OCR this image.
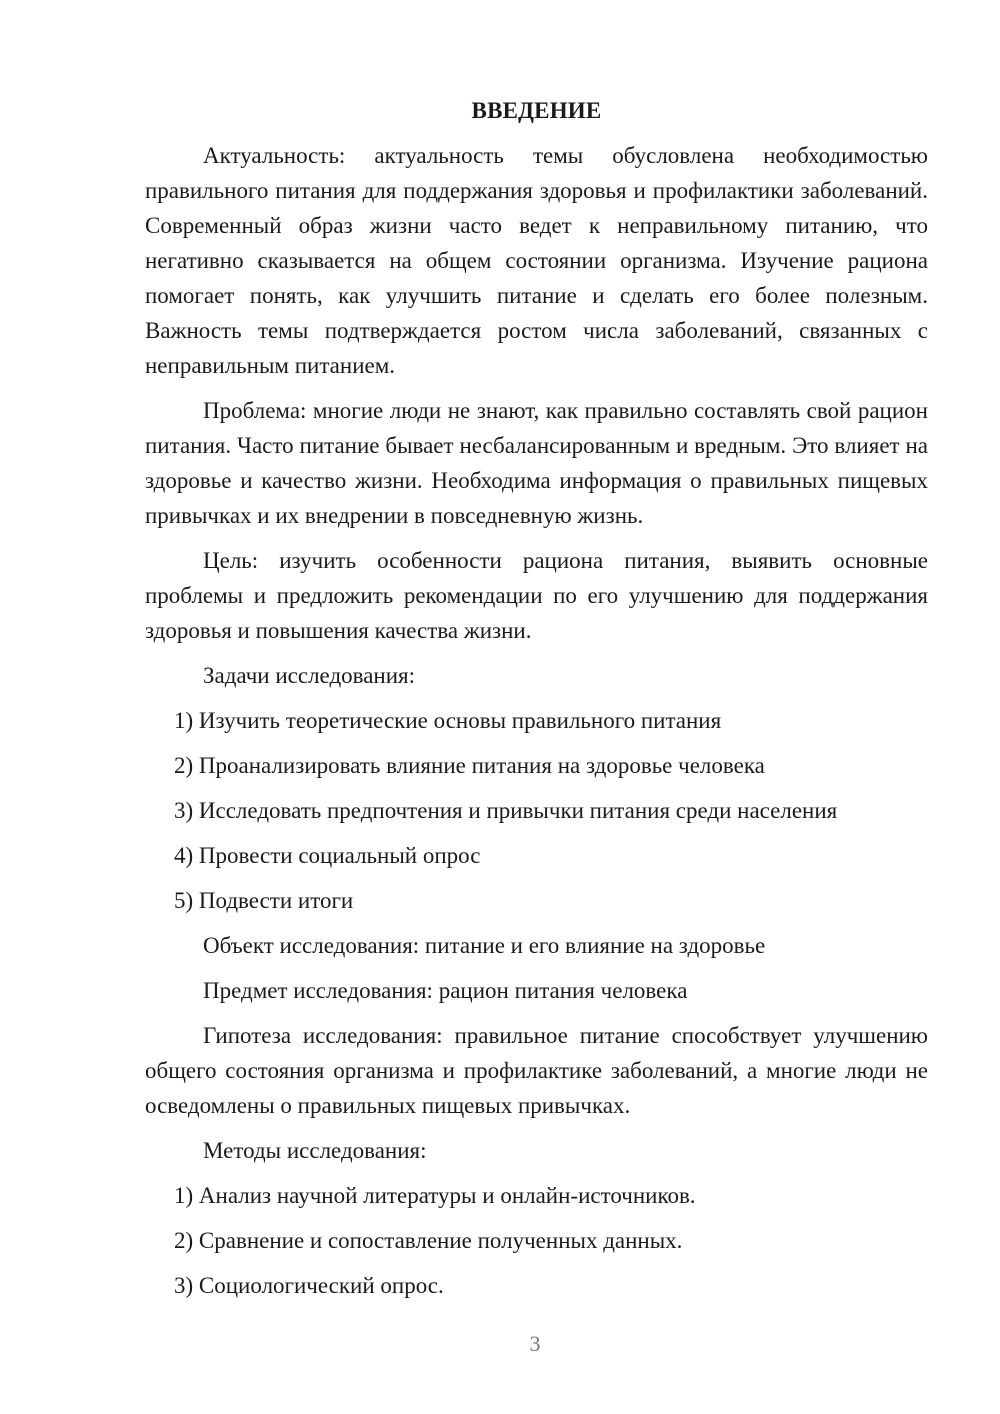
ВВЕДЕНИЕ
Актуальность: актуальность темы обусловлена необходимостью правильного питания для поддержания здоровья и профилактики заболеваний. Современный образ жизни часто ведет к неправильному питанию, что негативно сказывается на общем состоянии организма. Изучение рациона помогает понять, как улучшить питание и сделать его более полезным. Важность темы подтверждается ростом числа заболеваний, связанных с неправильным питанием.
Проблема: многие люди не знают, как правильно составлять свой рацион питания. Часто питание бывает несбалансированным и вредным. Это влияет на здоровье и качество жизни. Необходима информация о правильных пищевых привычках и их внедрении в повседневную жизнь.
Цель: изучить особенности рациона питания, выявить основные проблемы и предложить рекомендации по его улучшению для поддержания здоровья и повышения качества жизни.
Задачи исследования:
1) Изучить теоретические основы правильного питания
2) Проанализировать влияние питания на здоровье человека
3) Исследовать предпочтения и привычки питания среди населения
4) Провести социальный опрос
5) Подвести итоги
Объект исследования: питание и его влияние на здоровье
Предмет исследования: рацион питания человека
Гипотеза исследования: правильное питание способствует улучшению общего состояния организма и профилактике заболеваний, а многие люди не осведомлены о правильных пищевых привычках.
Методы исследования:
1) Анализ научной литературы и онлайн-источников.
2) Сравнение и сопоставление полученных данных.
3) Социологический опрос.
3
